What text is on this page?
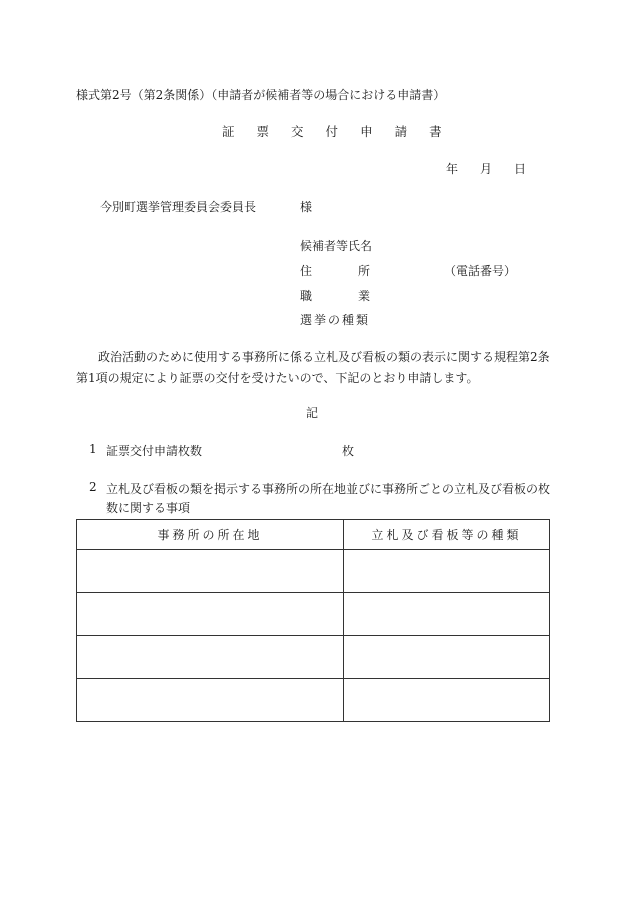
様式第2号（第2条関係）（申請者が候補者等の場合における申請書）
証 票 交 付 申 請 書
年 月 日
今別町選挙管理委員会委員長	様
候補者等氏名
住	所	（電話番号）
職	業
選挙の種類
政治活動のために使用する事務所に係る立札及び看板の類の表示に関する規程第2条第1項の規定により証票の交付を受けたいので、下記のとおり申請します。
記
1 証票交付申請枚数	枚
2 立札及び看板の類を掲示する事務所の所在地並びに事務所ごとの立札及び看板の枚数に関する事項
事務所の所在地	立札及び看板等の種類
